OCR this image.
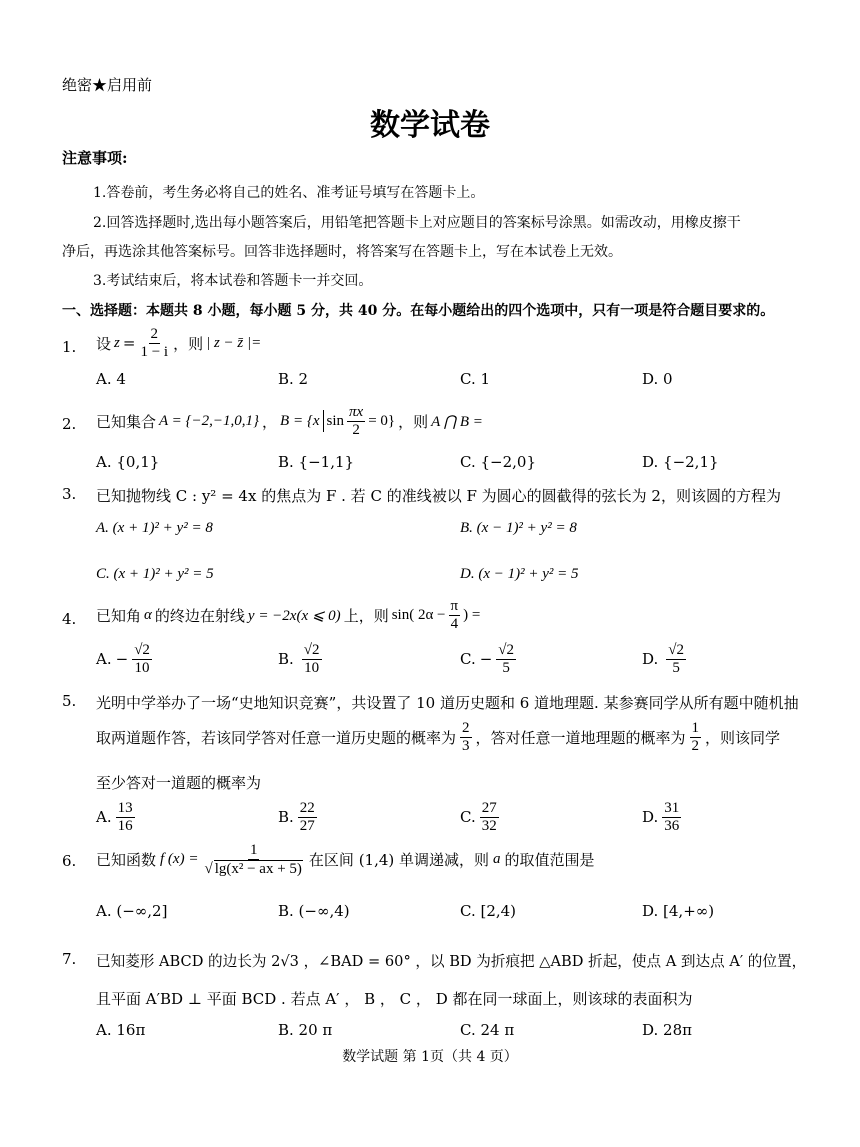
绝密★启用前
数学试卷
注意事项:
1.答卷前，考生务必将自己的姓名、准考证号填写在答题卡上。
2.回答选择题时,选出每小题答案后，用铅笔把答题卡上对应题目的答案标号涂黑。如需改动，用橡皮擦干
净后，再选涂其他答案标号。回答非选择题时，将答案写在答题卡上，写在本试卷上无效。
3.考试结束后，将本试卷和答题卡一并交回。
一、选择题：本题共 8 小题，每小题 5 分，共 40 分。在每小题给出的四个选项中，只有一项是符合题目要求的。
1. 设 $z = \frac{2}{1 - i}$ ，则 | z − z̄ |=
A. 4	B. 2	C. 1	D. 0
2. 已知集合 A = {−2,−1,0,1} ， B = {x $\sin \frac{\pi x}{2} = 0$} ，则 A ⋂ B =
A. {0,1}	B. {−1,1}	C. {−2,0}	D. {−2,1}
3. 已知抛物线 C : y² = 4x 的焦点为 F . 若 C 的准线被以 F 为圆心的圆截得的弦长为 2，则该圆的方程为
A. (x + 1)² + y² = 8	B. (x − 1)² + y² = 8
C. (x + 1)² + y² = 5	D. (x − 1)² + y² = 5
4. 已知角 α 的终边在射线 y = −2x(x ⩽ 0) 上，则 sin( $2\alpha - \frac{\pi}{4}$ ) =
A. − $\frac{√2}{10}$	B. $\frac{√2}{10}$	C. − $\frac{√2}{5}$	D. $\frac{√2}{5}$
5. 光明中学举办了一场“史地知识竞赛”，共设置了 10 道历史题和 6 道地理题. 某参赛同学从所有题中随机抽
取两道题作答，若该同学答对任意一道历史题的概率为 $\frac{2}{3}$ ，答对任意一道地理题的概率为 $\frac{1}{2}$ ，则该同学
至少答对一道题的概率为
A. $\frac{13}{16}$	B. $\frac{22}{27}$	C. $\frac{27}{32}$	D. $\frac{31}{36}$
6. 已知函数 f $(x) = \frac{1}{\text{√ lg(x² − ax + 5)}}$ 在区间 (1,4) 单调递减，则 a 的取值范围是
A. (−∞,2]	B. (−∞,4)	C. [2,4)	D. [4,+∞)
7. 已知菱形 ABCD 的边长为 2√3 ，∠BAD = 60° ，以 BD 为折痕把 △ABD 折起，使点 A 到达点 A′ 的位置，
且平面 A′BD ⊥ 平面 BCD . 若点 A′ ， B ， C ， D 都在同一球面上，则该球的表面积为
A. 16π	B. 20 π	C. 24 π	D. 28π
数学试题 第 1页（共 4 页）
